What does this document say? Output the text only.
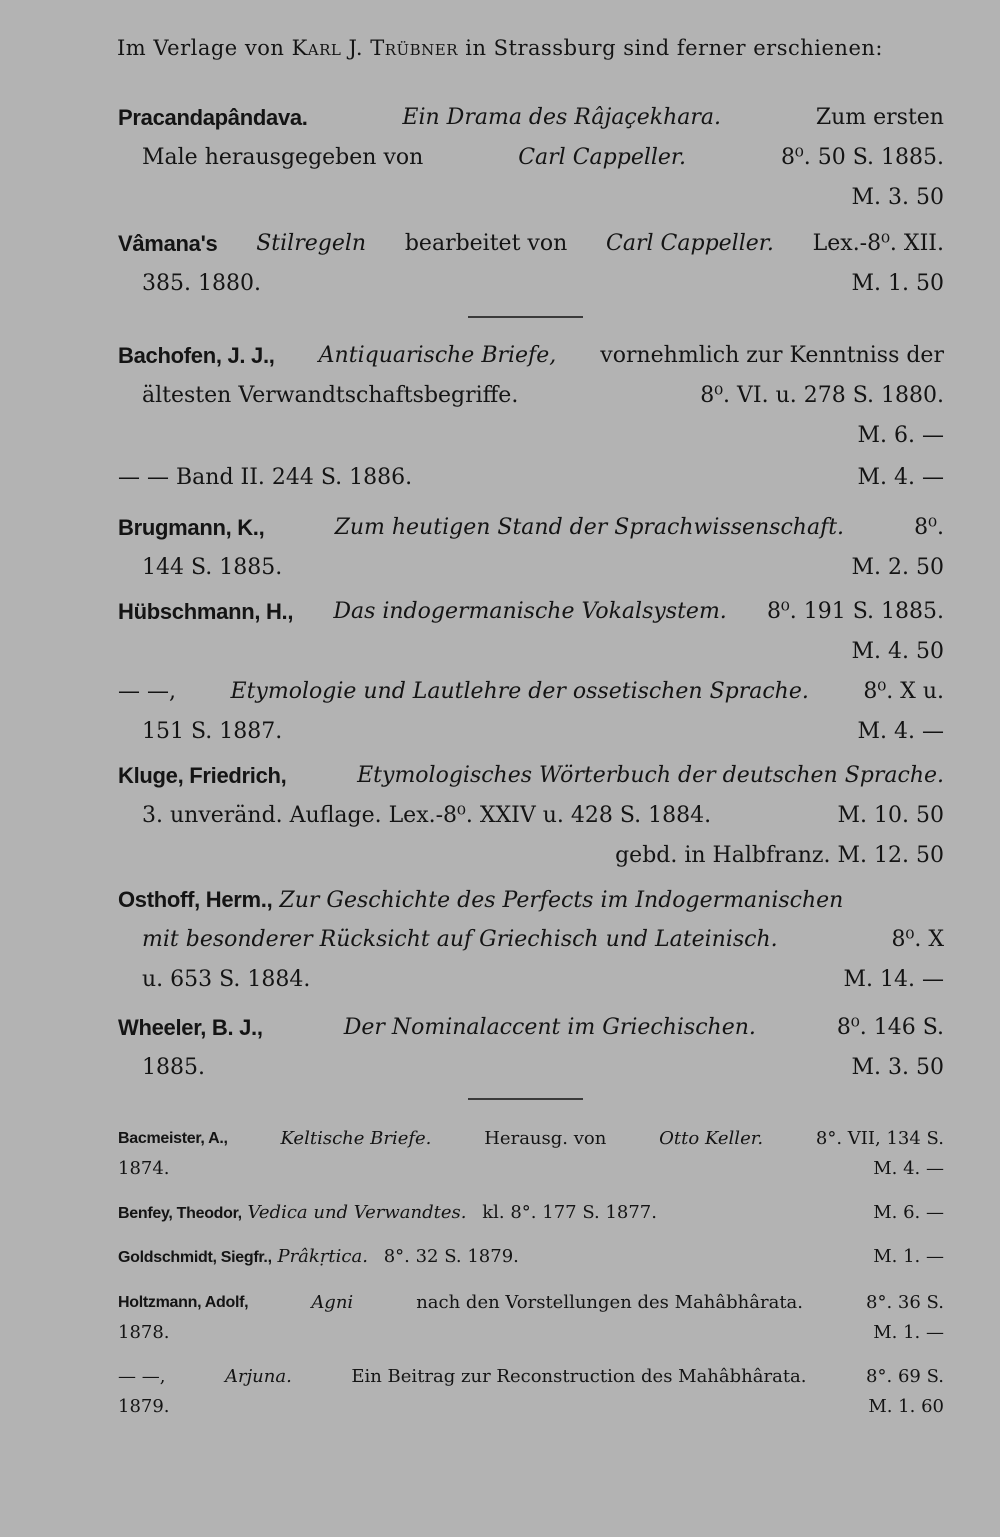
Im Verlage von Karl J. Trübner in Strassburg sind ferner erschienen:
Pracandapândava.	Ein Drama des Râjaçekhara.	Zum ersten
Male herausgegeben von	Carl Cappeller.	8⁰. 50 S. 1885.
M. 3. 50
Vâmana's Stilregeln bearbeitet von Carl Cappeller. Lex.-8⁰. XII.
385. 1880.	M. 1. 50
Bachofen, J. J., Antiquarische Briefe, vornehmlich zur Kenntniss der
ältesten Verwandtschaftsbegriffe.	8⁰. VI. u. 278 S. 1880.
M. 6. —
— — Band II. 244 S. 1886.	M. 4. —
Brugmann, K.,	Zum heutigen Stand der Sprachwissenschaft.	8⁰.
144 S. 1885.	M. 2. 50
Hübschmann, H., Das indogermanische Vokalsystem. 8⁰. 191 S. 1885.
M. 4. 50
— —, Etymologie und Lautlehre der ossetischen Sprache. 8⁰. X u.
151 S. 1887.	M. 4. —
Kluge, Friedrich,	Etymologisches Wörterbuch der deutschen Sprache.
3. unveränd. Auflage. Lex.-8⁰. XXIV u. 428 S. 1884.	M. 10. 50
gebd. in Halbfranz. M. 12. 50
Osthoff, Herm., Zur Geschichte des Perfects im Indogermanischen
mit besonderer Rücksicht auf Griechisch und Lateinisch.	8⁰. X
u. 653 S. 1884.	M. 14. —
Wheeler, B. J.,	Der Nominalaccent im Griechischen.	8⁰. 146 S.
1885.	M. 3. 50
Bacmeister, A.,	Keltische Briefe.	Herausg. von	Otto Keller.	8°. VII, 134 S.
1874.	M. 4. —
Benfey, Theodor, Vedica und Verwandtes. kl. 8°. 177 S. 1877.	M. 6. —
Goldschmidt, Siegfr., Prâkṛtica. 8°. 32 S. 1879.	M. 1. —
Holtzmann, Adolf,	Agni	nach den Vorstellungen des Mahâbhârata.	8°. 36 S.
1878.	M. 1. —
— —,	Arjuna.	Ein Beitrag zur Reconstruction des Mahâbhârata.	8°. 69 S.
1879.	M. 1. 60
